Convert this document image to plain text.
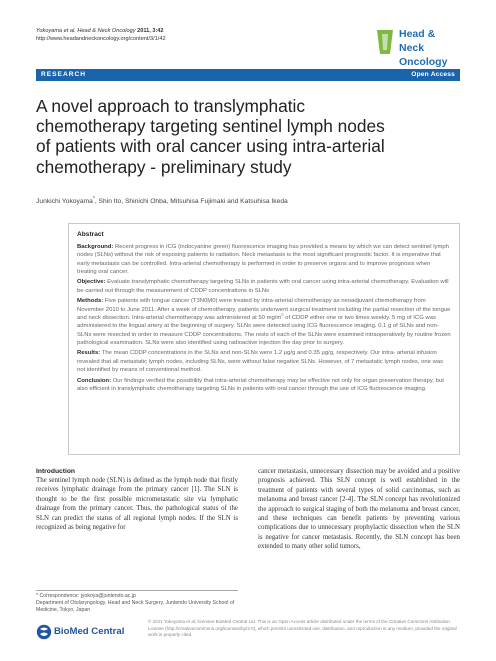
Yokoyama et al. Head & Neck Oncology 2011, 3:42
http://www.headandneckoncology.org/content/3/1/42	Head & Neck
Oncology
RESEARCH	Open Access
A novel approach to translymphatic
chemotherapy targeting sentinel lymph nodes
of patients with oral cancer using intra-arterial
chemotherapy - preliminary study
Junkichi Yokoyama*, Shin Ito, Shinichi Ohba, Mitsuhisa Fujimaki and Katsuhisa Ikeda
Abstract

Background: Recent progress in ICG (indocyanine green) fluorescence imaging has provided a means by which we can detect sentinel lymph nodes (SLNs) without the risk of exposing patients to radiation. Neck metastasis is the most significant prognostic factor. It is imperative that early metastasis can be controlled. Intra-arterial chemotherapy is performed in order to preserve organs and to improve prognosis when treating oral cancer.

Objective: Evaluate translymphatic chemotherapy targeting SLNs in patients with oral cancer using intra-arterial chemotherapy. Evaluation will be carried out through the measurement of CDDP concentrations in SLNs

Methods: Five patients with tongue cancer (T3N0M0) were treated by intra-arterial chemotherapy as neoadjuvant chemotherapy from November 2010 to June 2011. After a week of chemotherapy, patients underwent surgical treatment including the partial resection of the tongue and neck dissection. Intra-arterial chemotherapy was administered at 50 $mg/m^2$ of CDDP either one or two times weekly. 5 mg of ICG was administered to the lingual artery at the beginning of surgery. SLNs were detected using ICG fluorescence imaging. 0.1 g of SLNs and non-SLNs were resected in order to measure CDDP concentrations. The rests of each of the SLNs were examined intraoperatively by routine frozen pathological examination. SLNs were also identified using radioactive injection the day prior to surgery.

Results: The mean CDDP concentrations in the SLNs and non-SLNs were 1.2 μg/g and 0.35 μg/g, respectively. Our intra- arterial infusion revealed that all metastatic lymph nodes, including SLNs, were without false negative SLNs. However, of 7 metastatic lymph nodes, one was not identified by means of conventional method.

Conclusion: Our findings verified the possibility that intra-arterial chemotherapy may be effective not only for organ preservation therapy, but also efficient in translymphatic chemotherapy targeting SLNs in patients with oral cancer through the use of ICG fluorescence imaging.

Introduction

The sentinel lymph node (SLN) is defined as the lymph node that firstly receives lymphatic drainage from the primary cancer [1]. The SLN is thought to be the first possible micrometastatic site via lymphatic drainage from the primary cancer. Thus, the pathological status of the SLN can predict the status of all regional lymph nodes. If the SLN is recognized as being negative for

cancer metastasis, unnecessary dissection may be avoided and a positive prognosis achieved. This SLN concept is well established in the treatment of patients with several types of solid carcinomas, such as melanoma and breast cancer [2-4]. The SLN concept has revolutionized the approach to surgical staging of both the melanoma and breast cancer, and these techniques can benefit patients by preventing various complications due to unnecessary prophylactic dissection when the SLN is negative for cancer metastasis. Recently, the SLN concept has been extended to many other solid tumors,

* Correspondence: jyokoya@juntendo.ac.jp
Department of Otolaryngology, Head and Neck Surgery, Juntendo University School of Medicine, Tokyo, Japan
BioMed Central
© 2011 Yokoyama et al; licensee BioMed Central Ltd. This is an Open Access article distributed under the terms of the Creative Commons Attribution License (http://creativecommons.org/licenses/by/2.0), which permits unrestricted use, distribution, and reproduction in any medium, provided the original work is properly cited.
